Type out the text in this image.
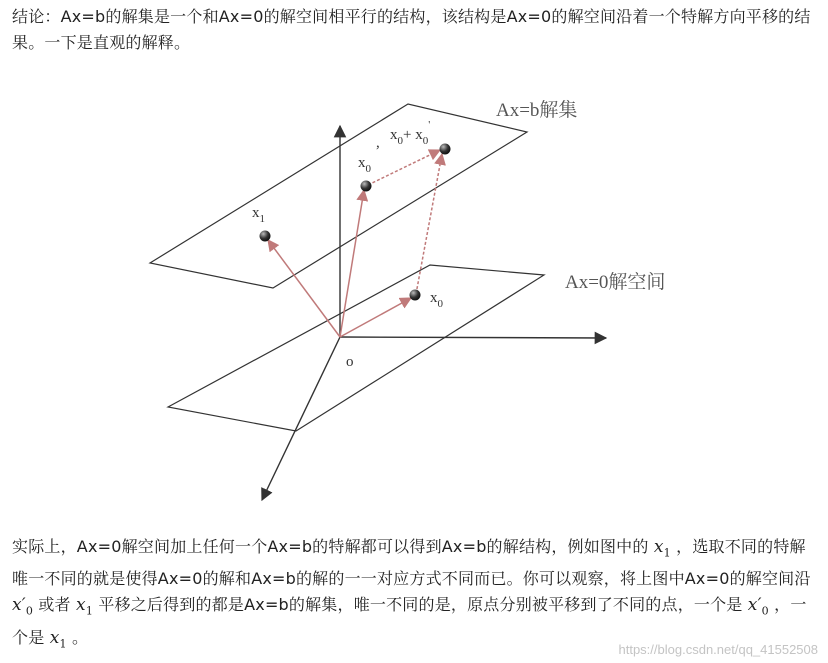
结论：Ax=b的解集是一个和Ax=0的解空间相平行的结构，该结构是Ax=0的解空间沿着一个特解方向平移的结果。一下是直观的解释。

Ax=b解集
Ax=0解空间
o
$x_1$
$x_0$
$x_0$
, $x_0+ x_0'$

实际上，Ax=0解空间加上任何一个Ax=b的特解都可以得到Ax=b的解结构，例如图中的 $x_1$ ，选取不同的特解唯一不同的就是使得Ax=0的解和Ax=b的解的一一对应方式不同而已。你可以观察，将上图中Ax=0的解空间沿 $x'_0$ 或者 $x_1$ 平移之后得到的都是Ax=b的解集，唯一不同的是，原点分别被平移到了不同的点，一个是 $x'_0$ ，一个是 $x_1$ 。

https://blog.csdn.net/qq_41552508
